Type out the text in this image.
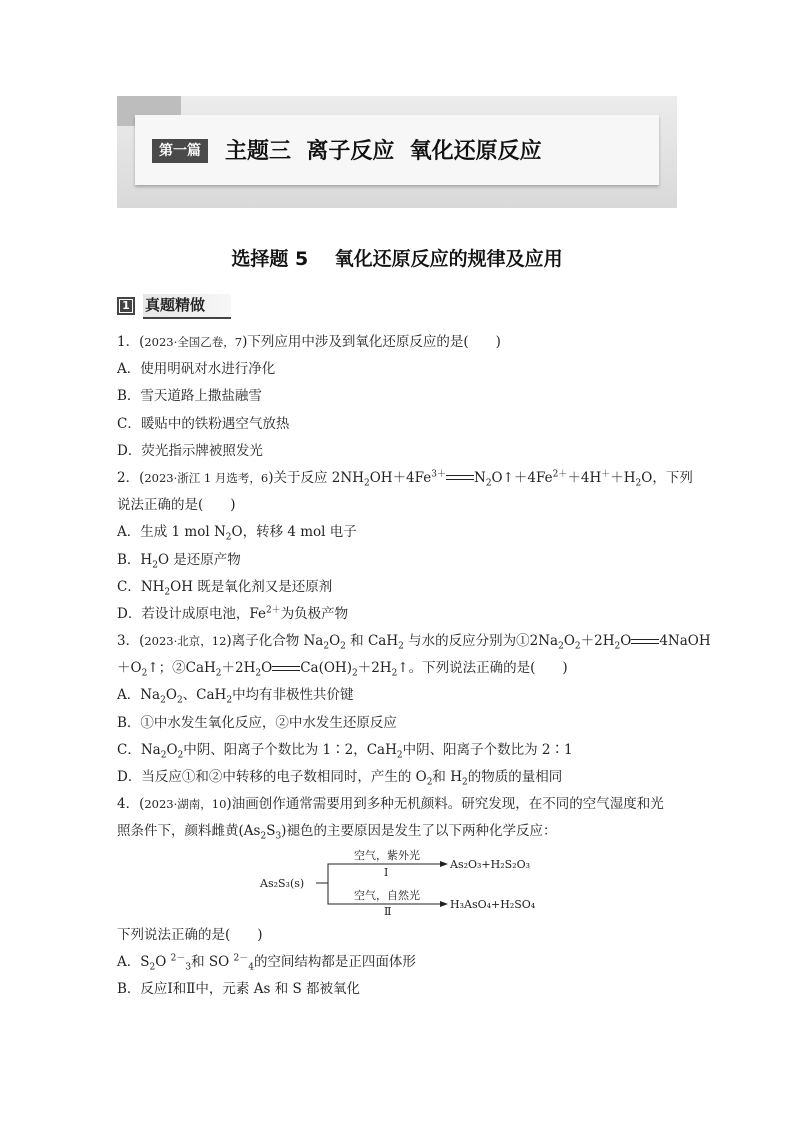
第一篇	主题三  离子反应  氧化还原反应
选择题 5    氧化还原反应的规律及应用
1	真题精做
1．(2023·全国乙卷，7)下列应用中涉及到氧化还原反应的是(　　)
A．使用明矾对水进行净化
B．雪天道路上撒盐融雪
C．暖贴中的铁粉遇空气放热
D．荧光指示牌被照发光
2．(2023·浙江 1 月选考，6)关于反应 $2NH_2OH+4Fe^{3+}$ $N_2O↑+4Fe^{2+}+4H^++H_2O$，下列
说法正确的是(　　)
A．生成 1 mol $N_2O$，转移 4 mol 电子
B．$H_2O$ 是还原产物
C．$NH_2OH$ 既是氧化剂又是还原剂
D．若设计成原电池，$Fe^{2+}$为负极产物
3．(2023·北京，12)离子化合物 $Na_2O_2$ 和 CaH$_2$ 与水的反应分别为$①2Na_2O_2+2H_2O$ 4NaOH
$+O_2↑$；$②CaH_2+2H_2O$ $Ca(OH)_2+2H_2↑$。下列说法正确的是(　　)
A．$Na_2O_2$、CaH$_2$中均有非极性共价键
B．①中水发生氧化反应，②中水发生还原反应
C．$Na_2O_2$中阴、阳离子个数比为 1∶2，CaH$_2$中阴、阳离子个数比为 2∶1
D．当反应①和②中转移的电子数相同时，产生的 $O_2$和 $H_2$的物质的量相同
4．(2023·湖南，10)油画创作通常需要用到多种无机颜料。研究发现，在不同的空气湿度和光
照条件下，颜料雌黄$(As_2S_3)$褪色的主要原因是发生了以下两种化学反应：
As₂S₃(s)
空气，紫外光
Ⅰ
As₂O₃+H₂S₂O₃
空气，自然光
Ⅱ
H₃AsO₄+H₂SO₄
下列说法正确的是(　　)
A．$S_2O$ $^{2-}_3$和 SO $^{2-}_4$的空间结构都是正四面体形
B．反应Ⅰ和Ⅱ中，元素 As 和 S 都被氧化
